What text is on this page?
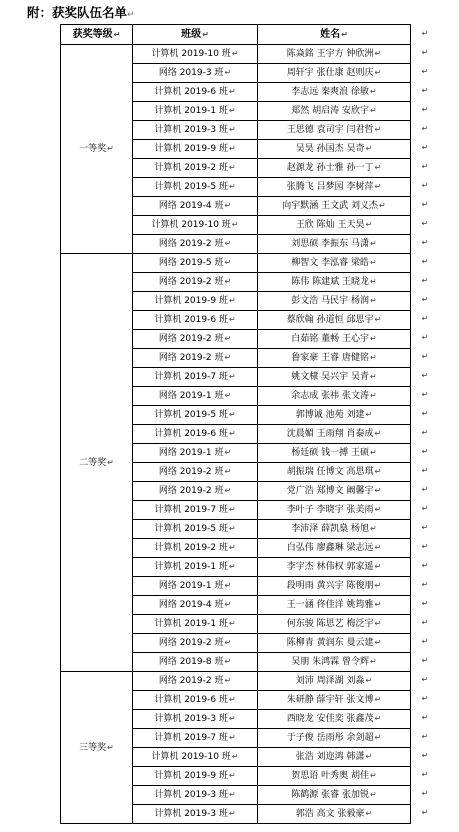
附：获奖队伍名单↵
获奖等级↵	班级↵	姓名↵
一等奖↵	计算机 2019-10 班↵	陈焱銘 王宇方 钟欣洲↵
	网络 2019-3 班↵	周轩宇 张仕康 赵则庆↵
	计算机 2019-6 班↵	李志远 秦爽浪 徐敏↵
	计算机 2019-1 班↵	郑然 胡启涛 安欣宇↵
	计算机 2019-3 班↵	王思德 袁司宇 闫君哲↵
	计算机 2019-9 班↵	吴昊 孙国杰 吴奇↵
	计算机 2019-2 班↵	赵源龙 孙士雅 孙一丁↵
	计算机 2019-5 班↵	张腾飞 吕梦园 李树萍↵
	网络 2019-4 班↵	向宇默涵 王文武 刘义杰↵
	计算机 2019-10 班↵	王欣 陈灿 王天昊↵
	网络 2019-2 班↵	刘思硕 李振东 马潇↵
二等奖↵	网络 2019-5 班↵	柳智文 李泓睿 梁皓↵
	网络 2019-2 班↵	陈伟 陈建斌 王晓龙↵
	计算机 2019-9 班↵	彭文浩 马民宇 杨润↵
	计算机 2019-6 班↵	蔡欣翰 孙道恒 邱思宇↵
	网络 2019-2 班↵	白茹铭 董畅 王心宇↵
	网络 2019-2 班↵	鲁家豪 王睿 唐健铭↵
	计算机 2019-7 班↵	姚文棣 吴兴宇 吴青↵
	网络 2019-1 班↵	余志成 张祎 张文涛↵
	计算机 2019-5 班↵	郭博诚 池苑 刘建↵
	计算机 2019-6 班↵	沈晨媚 王雨翔 肖泰成↵
	网络 2019-1 班↵	杨廷硕 钱一搏 王硕↵
	网络 2019-2 班↵	胡振瑞 任博文 高思琪↵
	网络 2019-2 班↵	党广浩 郑博文 阚馨宇↵
	计算机 2019-7 班↵	李叶子 李晓宇 张美雨↵
	计算机 2019-5 班↵	李沛泽 薛凯燊 杨旭↵
	计算机 2019-2 班↵	白弘伟 廖鑫琳 梁志远↵
	计算机 2019-1 班↵	李宇杰 林伟权 郭家遥↵
	网络 2019-1 班↵	段明雨 黄兴宇 陈俊朋↵
	网络 2019-4 班↵	王一涵 佟佳洋 姚筠雅↵
	计算机 2019-1 班↵	何东骏 陈思艺 梅泛宇↵
	网络 2019-2 班↵	陈柳青 黄润东 曼云建↵
	网络 2019-8 班↵	吴朋 朱鸿霖 曾令辉↵
三等奖↵	网络 2019-2 班↵	刘沛 周泽湖 刘淼↵
	计算机 2019-6 班↵	朱研静 薛宇轩 张文博↵
	计算机 2019-3 班↵	西晓龙 安佳奕 张鑫茂↵
	计算机 2019-7 班↵	于子俊 岳雨彤 余剑超↵
	计算机 2019-10 班↵	张浩 刘迩鸿 韩潇↵
	计算机 2019-9 班↵	贺思语 叶秀奥 胡佳↵
	计算机 2019-3 班↵	陈鹤源 张睿 张加锐↵
	计算机 2019-3 班↵	郭浩 高文 张毅豪↵
↵
↵
↵
↵
↵
↵
↵
↵
↵
↵
↵
↵
↵
↵
↵
↵
↵
↵
↵
↵
↵
↵
↵
↵
↵
↵
↵
↵
↵
↵
↵
↵
↵
↵
↵
↵
↵
↵
↵
↵
↵
↵
